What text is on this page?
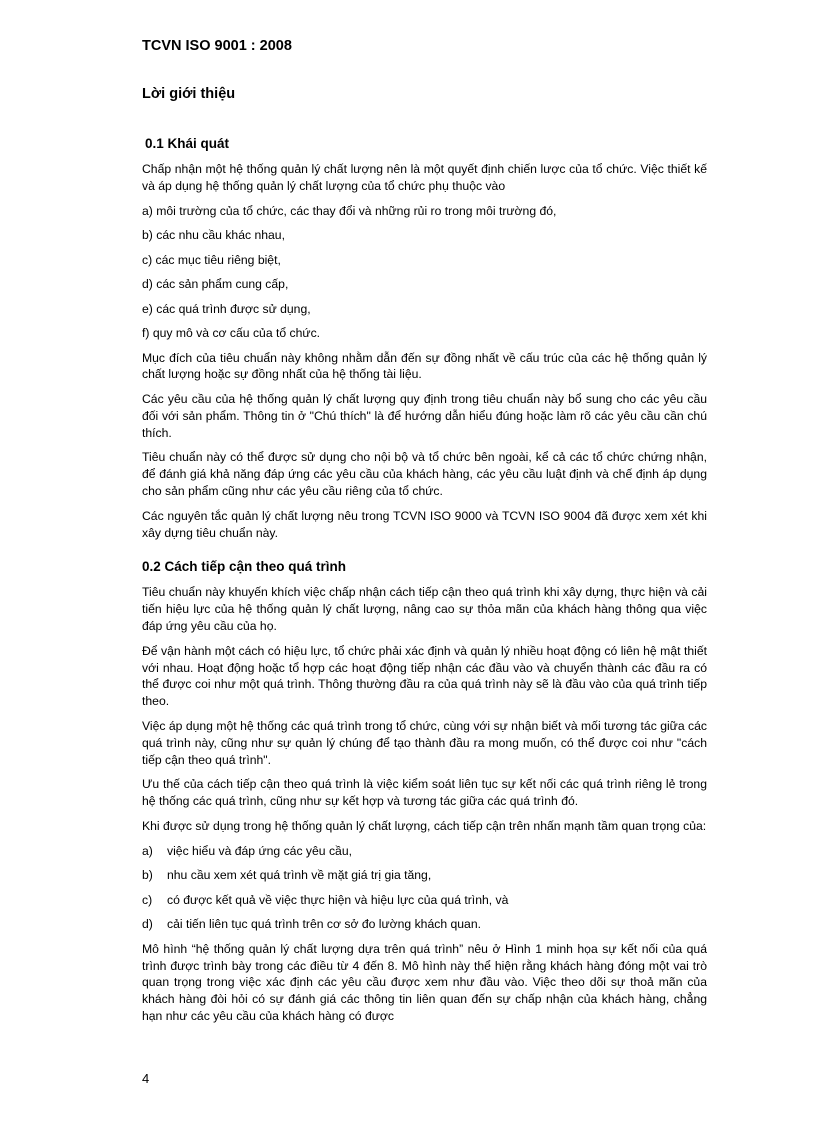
TCVN ISO 9001 : 2008
Lời giới thiệu
0.1 Khái quát

Chấp nhận một hệ thống quản lý chất lượng nên là một quyết định chiến lược của tổ chức. Việc thiết kế và áp dụng hệ thống quản lý chất lượng của tổ chức phụ thuộc vào

a) môi trường của tổ chức, các thay đổi và những rủi ro trong môi trường đó,
b) các nhu cầu khác nhau,
c) các mục tiêu riêng biệt,
d) các sản phẩm cung cấp,
e) các quá trình được sử dụng,
f) quy mô và cơ cấu của tổ chức.

Mục đích của tiêu chuẩn này không nhằm dẫn đến sự đồng nhất về cấu trúc của các hệ thống quản lý chất lượng hoặc sự đồng nhất của hệ thống tài liệu.

Các yêu cầu của hệ thống quản lý chất lượng quy định trong tiêu chuẩn này bổ sung cho các yêu cầu đối với sản phẩm. Thông tin ở "Chú thích" là để hướng dẫn hiểu đúng hoặc làm rõ các yêu cầu cần chú thích.

Tiêu chuẩn này có thể được sử dụng cho nội bộ và tổ chức bên ngoài, kể cả các tổ chức chứng nhận, để đánh giá khả năng đáp ứng các yêu cầu của khách hàng, các yêu cầu luật định và chế định áp dụng cho sản phẩm cũng như các yêu cầu riêng của tổ chức.

Các nguyên tắc quản lý chất lượng nêu trong TCVN ISO 9000 và TCVN ISO 9004 đã được xem xét khi xây dựng tiêu chuẩn này.

0.2 Cách tiếp cận theo quá trình

Tiêu chuẩn này khuyến khích việc chấp nhận cách tiếp cận theo quá trình khi xây dựng, thực hiện và cải tiến hiệu lực của hệ thống quản lý chất lượng, nâng cao sự thỏa mãn của khách hàng thông qua việc đáp ứng yêu cầu của họ.

Để vận hành một cách có hiệu lực, tổ chức phải xác định và quản lý nhiều hoạt động có liên hệ mật thiết với nhau. Hoạt động hoặc tổ hợp các hoạt động tiếp nhận các đầu vào và chuyển thành các đầu ra có thể được coi như một quá trình. Thông thường đầu ra của quá trình này sẽ là đầu vào của quá trình tiếp theo.

Việc áp dụng một hệ thống các quá trình trong tổ chức, cùng với sự nhận biết và mối tương tác giữa các quá trình này, cũng như sự quản lý chúng để tạo thành đầu ra mong muốn, có thể được coi như "cách tiếp cận theo quá trình".

Ưu thế của cách tiếp cận theo quá trình là việc kiểm soát liên tục sự kết nối các quá trình riêng lẻ trong hệ thống các quá trình, cũng như sự kết hợp và tương tác giữa các quá trình đó.

Khi được sử dụng trong hệ thống quản lý chất lượng, cách tiếp cận trên nhấn mạnh tầm quan trọng của:

a)	việc hiểu và đáp ứng các yêu cầu,
b)	nhu cầu xem xét quá trình về mặt giá trị gia tăng,
c)	có được kết quả về việc thực hiện và hiệu lực của quá trình, và
d)	cải tiến liên tục quá trình trên cơ sở đo lường khách quan.

Mô hình “hệ thống quản lý chất lượng dựa trên quá trình” nêu ở Hình 1 minh họa sự kết nối của quá trình được trình bày trong các điều từ 4 đến 8. Mô hình này thể hiện rằng khách hàng đóng một vai trò quan trọng trong việc xác định các yêu cầu được xem như đầu vào. Việc theo dõi sự thoả mãn của khách hàng đòi hỏi có sự đánh giá các thông tin liên quan đến sự chấp nhận của khách hàng, chẳng hạn như các yêu cầu của khách hàng có được

4
